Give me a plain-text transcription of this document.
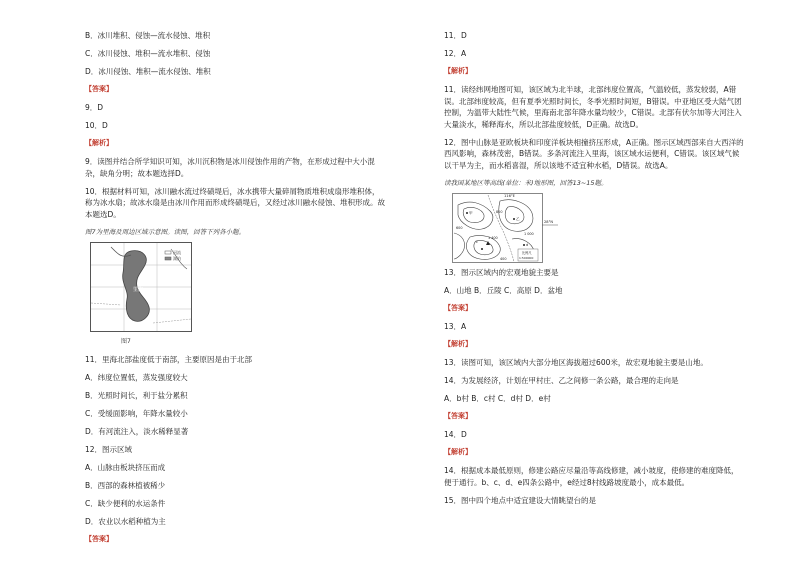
B．冰川堆积、侵蚀—流水侵蚀、堆积
C．冰川侵蚀、堆积—流水堆积、侵蚀
D．冰川侵蚀、堆积—流水侵蚀、堆积
【答案】
9．D
10．D
【解析】
9．读图并结合所学知识可知，冰川沉积物是冰川侵蚀作用的产物，在形成过程中大小混杂，缺角分明；故本题选择D。
10．根据材料可知，冰川融水流过终碛堤后，冰水携带大量碎屑物质堆积成扇形堆积体，称为冰水扇；故冰水扇是由冰川作用而形成终碛堤后，又经过冰川融水侵蚀、堆积形成。故本题选D。
图7为里海及周边区域示意图。读图，回答下列各小题。
河流
湖泊
里海
图7
11．里海北部盐度低于南部，主要原因是由于北部
A．纬度位置低，蒸发强度较大
B．光照时间长，利于盐分累积
C．受缓面影响，年降水量较小
D．有河流注入，淡水稀释显著
12．图示区域
A．山脉由板块挤压而成
B．西部的森林植被稀少
C．缺少便利的水运条件
D．农业以水稻种植为主
【答案】
11．D
12．A
【解析】
11．读经纬网地图可知，该区域为北半球，北部纬度位置高，气温较低，蒸发较弱，A错误。北部纬度较高，但有夏季光照时间长，冬季光照时间短，B错误。中亚地区受大陆气团控制，为温带大陆性气候，里海南北部年降水量均较少，C错误。北部有伏尔加等大河注入大量淡水，稀释海水，所以北部盐度较低，D正确。故选D。
12．图中山脉是亚欧板块和印度洋板块相撞挤压形成，A正确。图示区域西部来自大西洋的西风影响，森林茂密，B错误。多条河流注入里海，该区域水运便利，C错误。该区域气候以干旱为主，而水稻喜湿，所以该地不适宜种水稻，D错误。故选A。
读我国某地区等高线(单位：米)地形图，回答13~15题。
116°E
28°N
甲
乙
c
d
1 400
800
1 000
600
400
比例尺
1:500000
13．图示区域内的宏观地貌主要是
A．山地 B．丘陵 C．高原 D．盆地
【答案】
13．A
【解析】
13．读图可知，该区域内大部分地区海拔超过600米，故宏观地貌主要是山地。
14．为发展经济，计划在甲村庄、乙之间修一条公路，最合理的走向是
A．b村 B．c村 C．d村 D．e村
【答案】
14．D
【解析】
14．根据成本最低原则，修建公路应尽量沿等高线修建，减小坡度，使修建的难度降低，便于通行。b、c、d、e四条公路中，e经过8村线路坡度最小，成本最低。
15．图中四个地点中适宜建设大情眺望台的是
